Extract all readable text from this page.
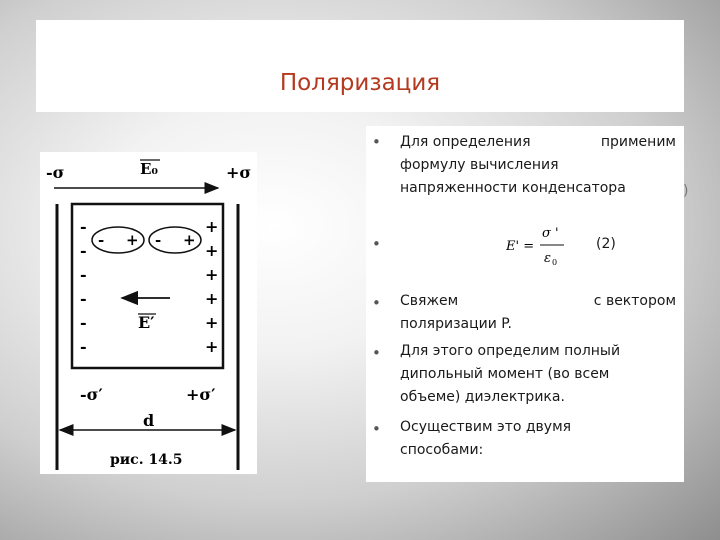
Поляризация
-σ	+σ
E₀
-
-
-
-
-
-
+
+
+
+
+
+
- + - +
E′
-σ′	+σ′
d
рис. 14.5
• Для определения	применим
формулу вычисления
напряженности конденсатора
•	E' =
σ '
ε 0
(2)
• Свяжем	с вектором
поляризации P.
• Для этого определим полный
дипольный момент (во всем
объеме) диэлектрика.
• Осуществим это двумя
способами:
)
